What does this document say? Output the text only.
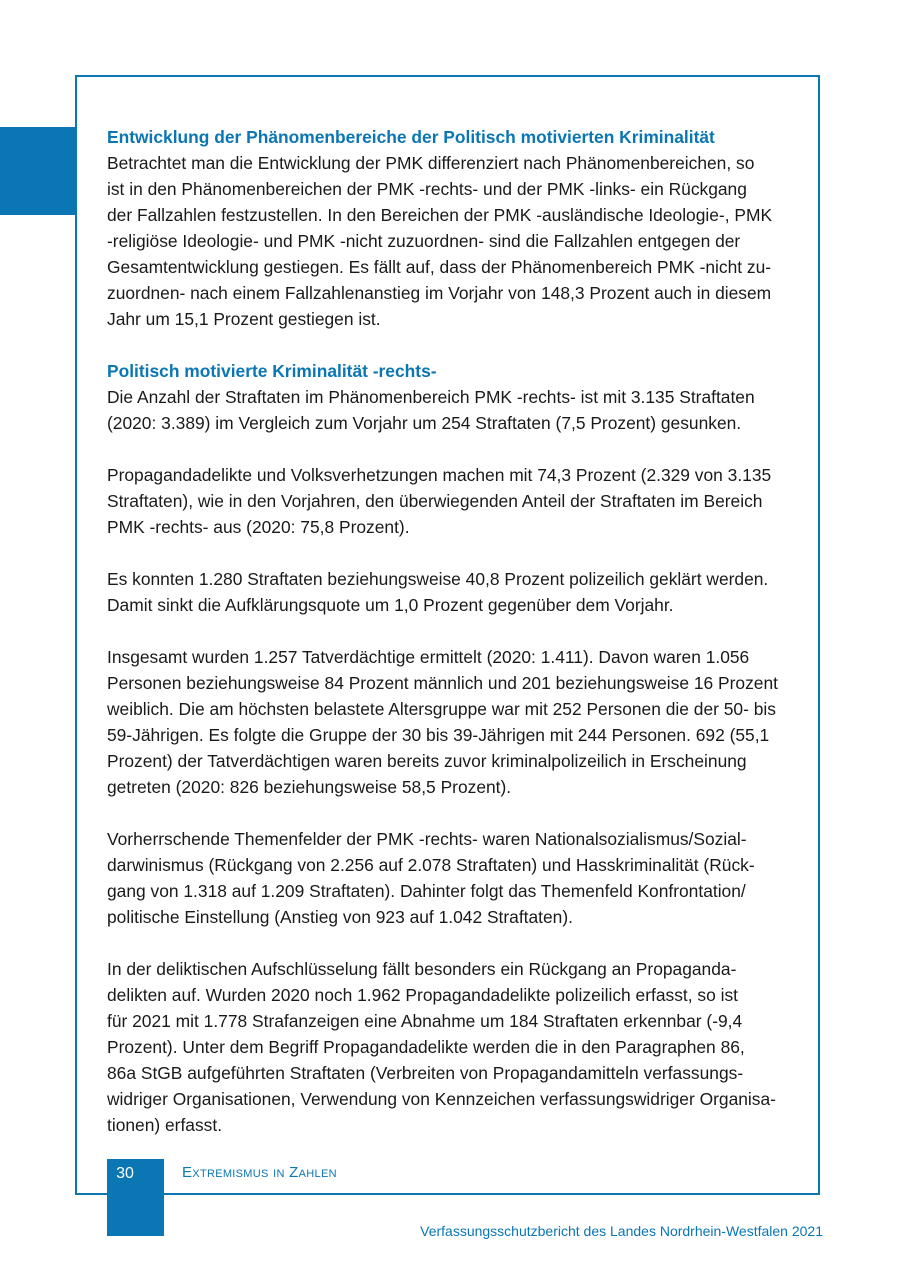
Entwicklung der Phänomenbereiche der Politisch motivierten Kriminalität

Betrachtet man die Entwicklung der PMK differenziert nach Phänomenbereichen, so
ist in den Phänomenbereichen der PMK -rechts- und der PMK -links- ein Rückgang
der Fallzahlen festzustellen. In den Bereichen der PMK -ausländische Ideologie-, PMK
-religiöse Ideologie- und PMK -nicht zuzuordnen- sind die Fallzahlen entgegen der
Gesamtentwicklung gestiegen. Es fällt auf, dass der Phänomenbereich PMK -nicht zu-
zuordnen- nach einem Fallzahlenanstieg im Vorjahr von 148,3 Prozent auch in diesem
Jahr um 15,1 Prozent gestiegen ist.

Politisch motivierte Kriminalität -rechts-

Die Anzahl der Straftaten im Phänomenbereich PMK -rechts- ist mit 3.135 Straftaten
(2020: 3.389) im Vergleich zum Vorjahr um 254 Straftaten (7,5 Prozent) gesunken.

Propagandadelikte und Volksverhetzungen machen mit 74,3 Prozent (2.329 von 3.135
Straftaten), wie in den Vorjahren, den überwiegenden Anteil der Straftaten im Bereich
PMK -rechts- aus (2020: 75,8 Prozent).

Es konnten 1.280 Straftaten beziehungsweise 40,8 Prozent polizeilich geklärt werden.
Damit sinkt die Aufklärungsquote um 1,0 Prozent gegenüber dem Vorjahr.

Insgesamt wurden 1.257 Tatverdächtige ermittelt (2020: 1.411). Davon waren 1.056
Personen beziehungsweise 84 Prozent männlich und 201 beziehungsweise 16 Prozent
weiblich. Die am höchsten belastete Altersgruppe war mit 252 Personen die der 50- bis
59-Jährigen. Es folgte die Gruppe der 30 bis 39-Jährigen mit 244 Personen. 692 (55,1
Prozent) der Tatverdächtigen waren bereits zuvor kriminalpolizeilich in Erscheinung
getreten (2020: 826 beziehungsweise 58,5 Prozent).

Vorherrschende Themenfelder der PMK -rechts- waren Nationalsozialismus/Sozial-
darwinismus (Rückgang von 2.256 auf 2.078 Straftaten) und Hasskriminalität (Rück-
gang von 1.318 auf 1.209 Straftaten). Dahinter folgt das Themenfeld Konfrontation/
politische Einstellung (Anstieg von 923 auf 1.042 Straftaten).

In der deliktischen Aufschlüsselung fällt besonders ein Rückgang an Propaganda-
delikten auf. Wurden 2020 noch 1.962 Propagandadelikte polizeilich erfasst, so ist
für 2021 mit 1.778 Strafanzeigen eine Abnahme um 184 Straftaten erkennbar (-9,4
Prozent). Unter dem Begriff Propagandadelikte werden die in den Paragraphen 86,
86a StGB aufgeführten Straftaten (Verbreiten von Propagandamitteln verfassungs-
widriger Organisationen, Verwendung von Kennzeichen verfassungswidriger Organisa-
tionen) erfasst.

30	Extremismus in Zahlen
Verfassungsschutzbericht des Landes Nordrhein-Westfalen 2021
